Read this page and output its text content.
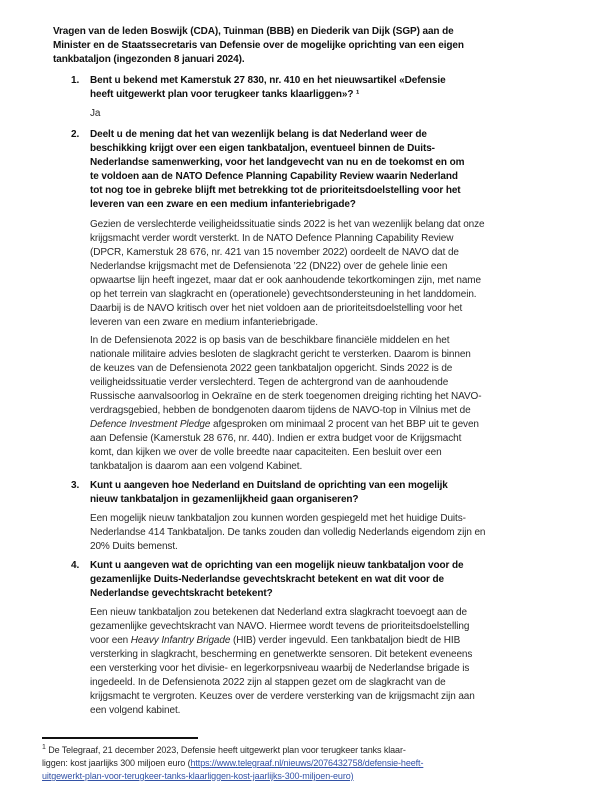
Vragen van de leden Boswijk (CDA), Tuinman (BBB) en Diederik van Dijk (SGP) aan de
Minister en de Staatssecretaris van Defensie over de mogelijke oprichting van een eigen
tankbataljon (ingezonden 8 januari 2024).
1. Bent u bekend met Kamerstuk 27 830, nr. 410 en het nieuwsartikel «Defensie
heeft uitgewerkt plan voor terugkeer tanks klaarliggen»? ¹
Ja
2. Deelt u de mening dat het van wezenlijk belang is dat Nederland weer de
beschikking krijgt over een eigen tankbataljon, eventueel binnen de Duits-
Nederlandse samenwerking, voor het landgevecht van nu en de toekomst en om
te voldoen aan de NATO Defence Planning Capability Review waarin Nederland
tot nog toe in gebreke blijft met betrekking tot de prioriteitsdoelstelling voor het
leveren van een zware en een medium infanteriebrigade?
Gezien de verslechterde veiligheidssituatie sinds 2022 is het van wezenlijk belang dat onze
krijgsmacht verder wordt versterkt. In de NATO Defence Planning Capability Review
(DPCR, Kamerstuk 28 676, nr. 421 van 15 november 2022) oordeelt de NAVO dat de
Nederlandse krijgsmacht met de Defensienota ’22 (DN22) over de gehele linie een
opwaartse lijn heeft ingezet, maar dat er ook aanhoudende tekortkomingen zijn, met name
op het terrein van slagkracht en (operationele) gevechtsondersteuning in het landdomein.
Daarbij is de NAVO kritisch over het niet voldoen aan de prioriteitsdoelstelling voor het
leveren van een zware en medium infanteriebrigade.
In de Defensienota 2022 is op basis van de beschikbare financiële middelen en het
nationale militaire advies besloten de slagkracht gericht te versterken. Daarom is binnen
de keuzes van de Defensienota 2022 geen tankbataljon opgericht. Sinds 2022 is de
veiligheidssituatie verder verslechterd. Tegen de achtergrond van de aanhoudende
Russische aanvalsoorlog in Oekraïne en de sterk toegenomen dreiging richting het NAVO-
verdragsgebied, hebben de bondgenoten daarom tijdens de NAVO-top in Vilnius met de
Defence Investment Pledge afgesproken om minimaal 2 procent van het BBP uit te geven
aan Defensie (Kamerstuk 28 676, nr. 440). Indien er extra budget voor de Krijgsmacht
komt, dan kijken we over de volle breedte naar capaciteiten. Een besluit over een
tankbataljon is daarom aan een volgend Kabinet.
3. Kunt u aangeven hoe Nederland en Duitsland de oprichting van een mogelijk
nieuw tankbataljon in gezamenlijkheid gaan organiseren?
Een mogelijk nieuw tankbataljon zou kunnen worden gespiegeld met het huidige Duits-
Nederlandse 414 Tankbataljon. De tanks zouden dan volledig Nederlands eigendom zijn en
20% Duits bemenst.
4. Kunt u aangeven wat de oprichting van een mogelijk nieuw tankbataljon voor de
gezamenlijke Duits-Nederlandse gevechtskracht betekent en wat dit voor de
Nederlandse gevechtskracht betekent?
Een nieuw tankbataljon zou betekenen dat Nederland extra slagkracht toevoegt aan de
gezamenlijke gevechtskracht van NAVO. Hiermee wordt tevens de prioriteitsdoelstelling
voor een Heavy Infantry Brigade (HIB) verder ingevuld. Een tankbataljon biedt de HIB
versterking in slagkracht, bescherming en genetwerkte sensoren. Dit betekent eveneens
een versterking voor het divisie- en legerkorpsniveau waarbij de Nederlandse brigade is
ingedeeld. In de Defensienota 2022 zijn al stappen gezet om de slagkracht van de
krijgsmacht te vergroten. Keuzes over de verdere versterking van de krijgsmacht zijn aan
een volgend kabinet.
$^1$ De Telegraaf, 21 december 2023, Defensie heeft uitgewerkt plan voor terugkeer tanks klaar-
liggen: kost jaarlijks 300 miljoen euro (https://www.telegraaf.nl/nieuws/2076432758/defensie-heeft-
uitgewerkt-plan-voor-terugkeer-tanks-klaarliggen-kost-jaarlijks-300-miljoen-euro)
